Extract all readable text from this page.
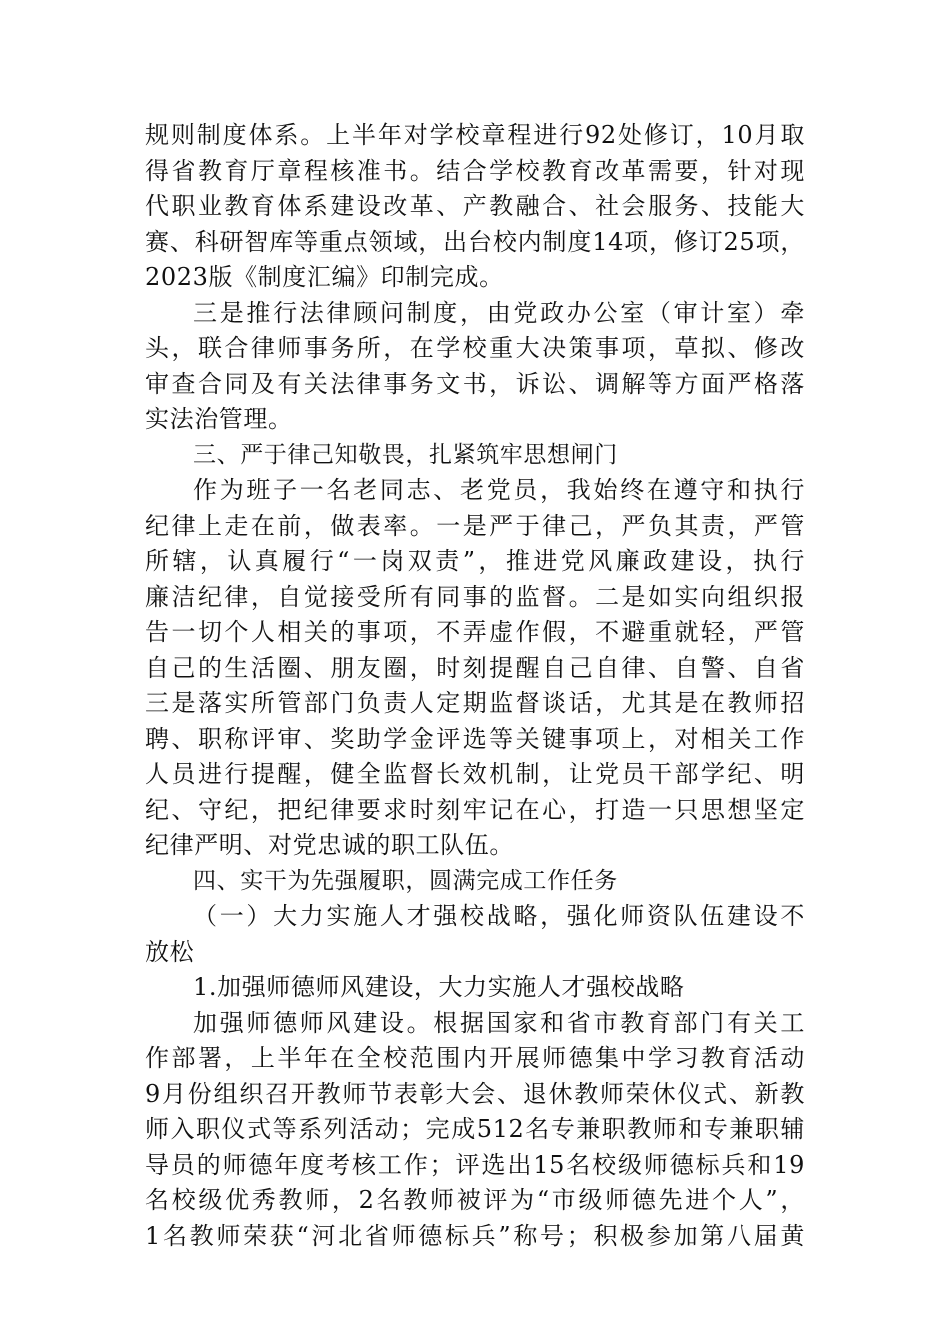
规则制度体系。上半年对学校章程进行92处修订，10月取
得省教育厅章程核准书。结合学校教育改革需要，针对现
代职业教育体系建设改革、产教融合、社会服务、技能大
赛、科研智库等重点领域，出台校内制度14项，修订25项，
2023版《制度汇编》印制完成。
三是推行法律顾问制度，由党政办公室（审计室）牵
头，联合律师事务所，在学校重大决策事项，草拟、修改
审查合同及有关法律事务文书，诉讼、调解等方面严格落
实法治管理。
三、严于律己知敬畏，扎紧筑牢思想闸门
作为班子一名老同志、老党员，我始终在遵守和执行
纪律上走在前，做表率。一是严于律己，严负其责，严管
所辖，认真履行“一岗双责”，推进党风廉政建设，执行
廉洁纪律，自觉接受所有同事的监督。二是如实向组织报
告一切个人相关的事项，不弄虚作假，不避重就轻，严管
自己的生活圈、朋友圈，时刻提醒自己自律、自警、自省
三是落实所管部门负责人定期监督谈话，尤其是在教师招
聘、职称评审、奖助学金评选等关键事项上，对相关工作
人员进行提醒，健全监督长效机制，让党员干部学纪、明
纪、守纪，把纪律要求时刻牢记在心，打造一只思想坚定
纪律严明、对党忠诚的职工队伍。
四、实干为先强履职，圆满完成工作任务
（一）大力实施人才强校战略，强化师资队伍建设不
放松
1.加强师德师风建设，大力实施人才强校战略
加强师德师风建设。根据国家和省市教育部门有关工
作部署，上半年在全校范围内开展师德集中学习教育活动
9月份组织召开教师节表彰大会、退休教师荣休仪式、新教
师入职仪式等系列活动；完成512名专兼职教师和专兼职辅
导员的师德年度考核工作；评选出15名校级师德标兵和19
名校级优秀教师，2名教师被评为“市级师德先进个人”，
1名教师荣获“河北省师德标兵”称号；积极参加第八届黄
